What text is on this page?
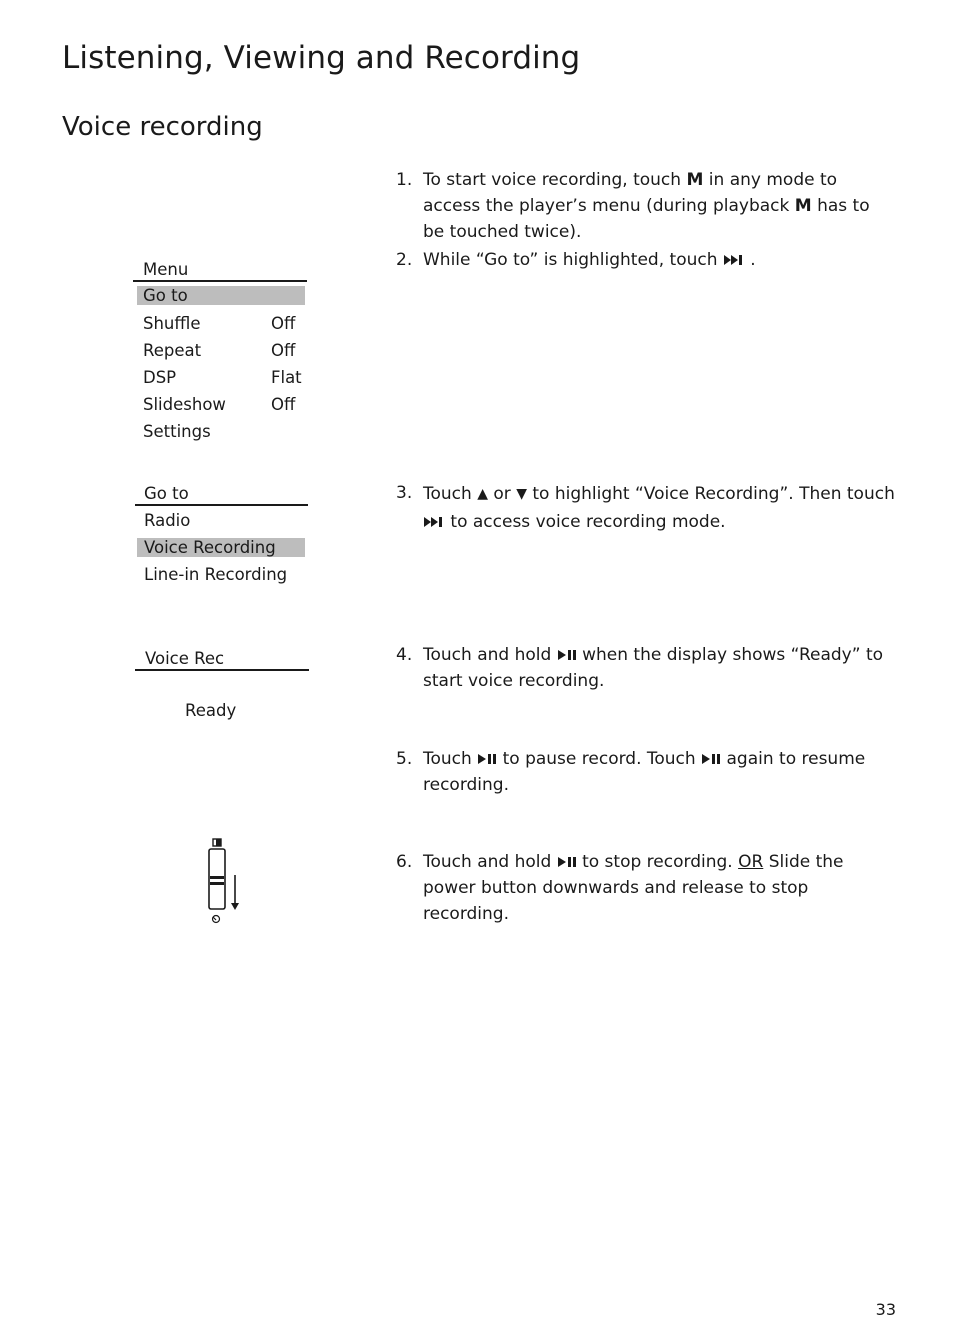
Listening, Viewing and Recording
Voice recording
Menu
Go to
Shuffle	Off
Repeat	Off
DSP	Flat
Slideshow	Off
Settings
Go to
Radio
Voice Recording
Line-in Recording
Voice Rec
Ready
1. To start voice recording, touch M in any mode to access the player’s menu (during playback M has to be touched twice).
2. While “Go to” is highlighted, touch  .
3. Touch ▲ or ▼ to highlight “Voice Recording”. Then touch  to access voice recording mode.
4. Touch and hold  when the display shows “Ready” to start voice recording.
5. Touch  to pause record. Touch  again to resume recording.
6. Touch and hold  to stop recording. OR Slide the power button downwards and release to stop recording.
33
